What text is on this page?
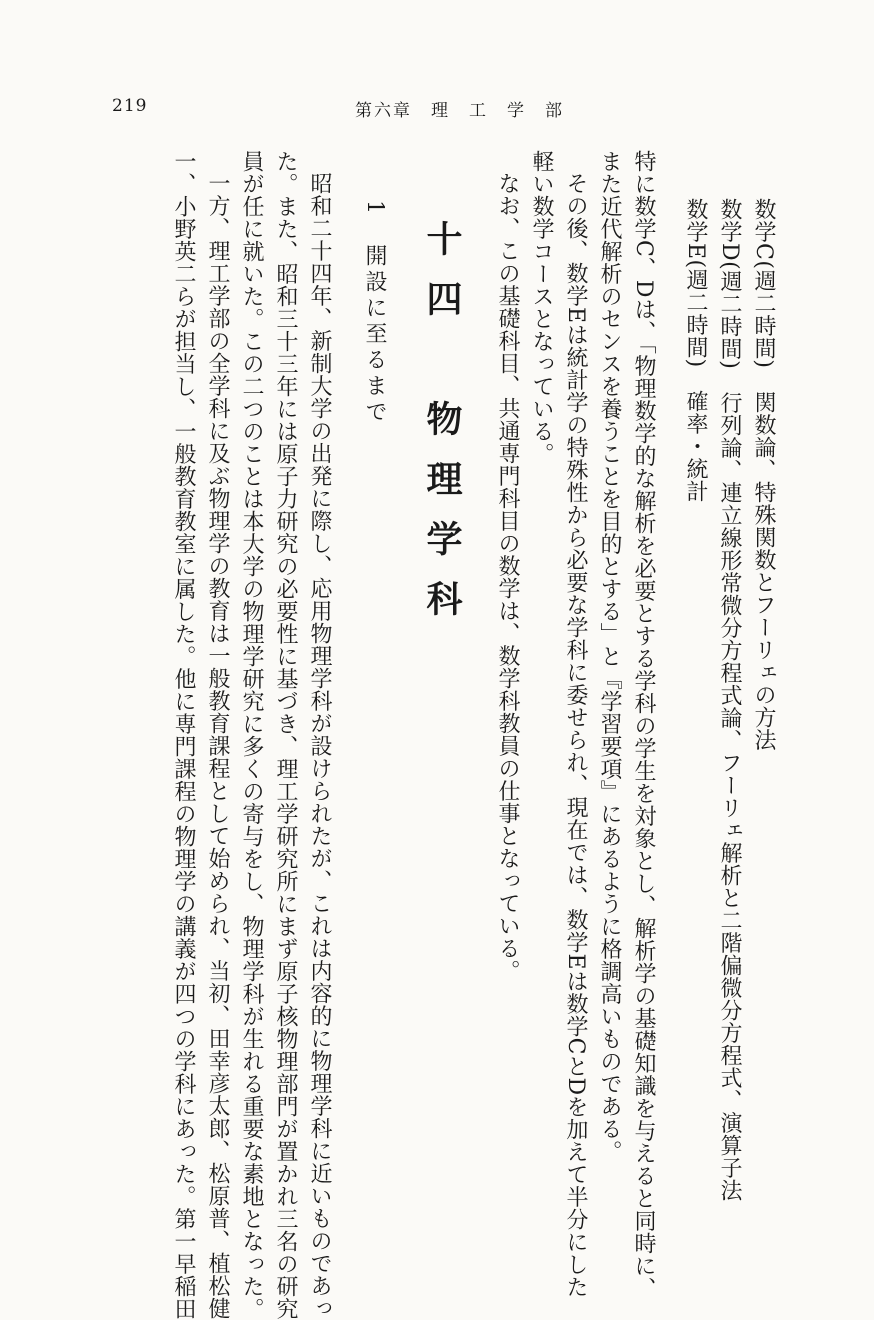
219	第六章　理　工　学　部
数学C(週二時間)　関数論、特殊関数とフーリェの方法
数学D(週二時間)　行列論、連立線形常微分方程式論、フーリェ解析と二階偏微分方程式、演算子法
数学E(週二時間)　確率・統計
特に数学C、Dは、「物理数学的な解析を必要とする学科の学生を対象とし、解析学の基礎知識を与えると同時に、
また近代解析のセンスを養うことを目的とする」と『学習要項』にあるように格調高いものである。
その後、数学Eは統計学の特殊性から必要な学科に委せられ、現在では、数学Eは数学CとDを加えて半分にした
軽い数学コースとなっている。
なお、この基礎科目、共通専門科目の数学は、数学科教員の仕事となっている。
十四　物理学科
1　開設に至るまで
昭和二十四年、新制大学の出発に際し、応用物理学科が設けられたが、これは内容的に物理学科に近いものであっ
た。また、昭和三十三年には原子力研究の必要性に基づき、理工学研究所にまず原子核物理部門が置かれ三名の研究
員が任に就いた。この二つのことは本大学の物理学研究に多くの寄与をし、物理学科が生れる重要な素地となった。
一方、理工学部の全学科に及ぶ物理学の教育は一般教育課程として始められ、当初、田幸彦太郎、松原普、植松健
一、小野英二らが担当し、一般教育教室に属した。他に専門課程の物理学の講義が四つの学科にあった。第一早稲田
